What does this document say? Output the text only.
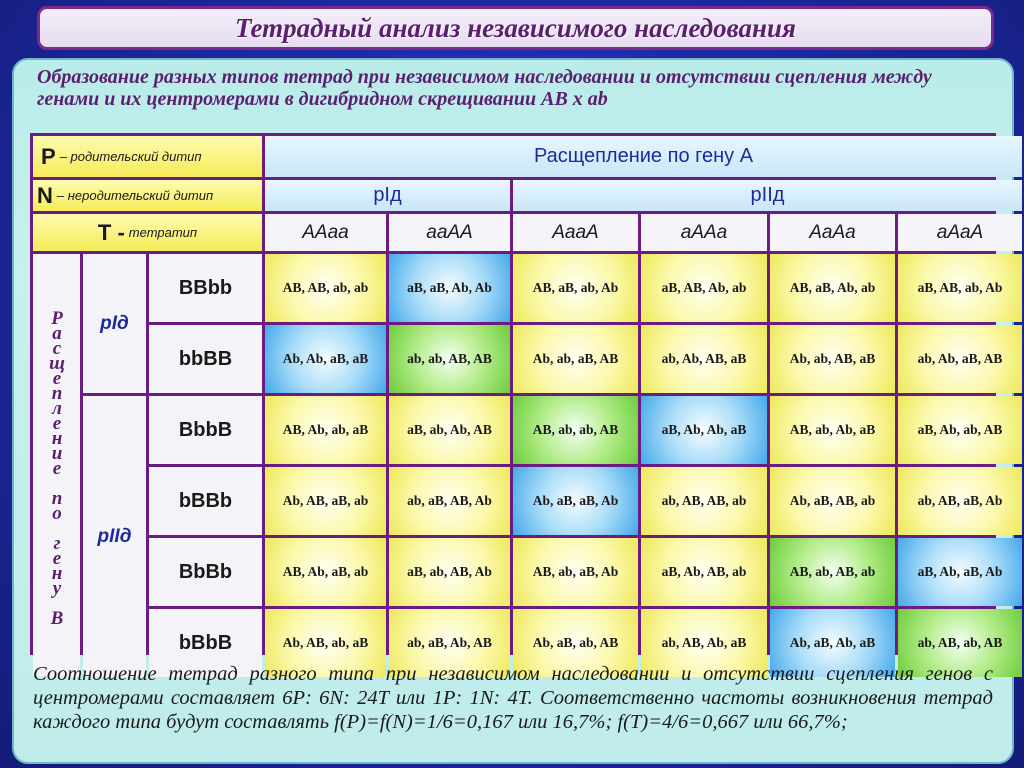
Тетрадный анализ независимого наследования
Образование разных типов тетрад при независимом наследовании и отсутствии сцепления между генами и их центромерами в дигибридном скрещивании AB x ab
P – родительский дитип	Расщепление по гену A
N – неродительский дитип	рIд	рIIд
T - тетратип	AAaa	aaAA	AaaA	aAAa	AaAa	aAaA
Расщепление по гену B рIд
рIIд
BBbb	AB, AB, ab, ab	aB, aB, Ab, Ab	AB, aB, ab, Ab	aB, AB, Ab, ab	AB, aB, Ab, ab	aB, AB, ab, Ab
bbBB	Ab, Ab, aB, aB	ab, ab, AB, AB	Ab, ab, aB, AB	ab, Ab, AB, aB	Ab, ab, AB, aB	ab, Ab, aB, AB
BbbB	AB, Ab, ab, aB	aB, ab, Ab, AB	AB, ab, ab, AB	aB, Ab, Ab, aB	AB, ab, Ab, aB	aB, Ab, ab, AB
bBBb	Ab, AB, aB, ab	ab, aB, AB, Ab	Ab, aB, aB, Ab	ab, AB, AB, ab	Ab, aB, AB, ab	ab, AB, aB, Ab
BbBb	AB, Ab, aB, ab	aB, ab, AB, Ab	AB, ab, aB, Ab	aB, Ab, AB, ab	AB, ab, AB, ab	aB, Ab, aB, Ab
bBbB	Ab, AB, ab, aB	ab, aB, Ab, AB	Ab, aB, ab, AB	ab, AB, Ab, aB	Ab, aB, Ab, aB	ab, AB, ab, AB
Соотношение тетрад разного типа при независимом наследовании и отсутствии сцепления генов с центромерами составляет 6P: 6N: 24T или 1P: 1N: 4T. Соответственно частоты возникновения тетрад каждого типа будут составлять f(P)=f(N)=1/6=0,167 или 16,7%; f(T)=4/6=0,667 или 66,7%;
